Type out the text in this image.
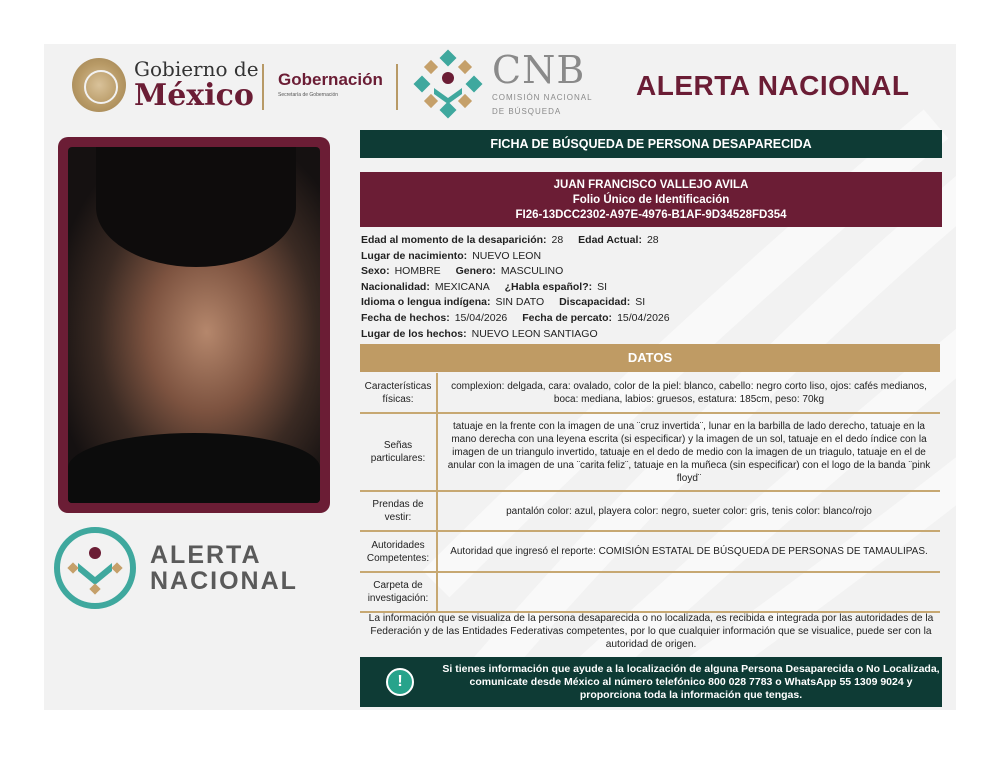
Gobierno de
México Gobernación
Secretaría de Gobernación
CNB
COMISIÓN NACIONAL
DE BÚSQUEDA
ALERTA NACIONAL
ALERTA
NACIONAL
FICHA DE BÚSQUEDA DE PERSONA DESAPARECIDA
JUAN FRANCISCO VALLEJO AVILA
Folio Único de Identificación
FI26-13DCC2302-A97E-4976-B1AF-9D34528FD354
Edad al momento de la desaparición: 28 Edad Actual: 28
Lugar de nacimiento: NUEVO LEON
Sexo: HOMBRE Genero: MASCULINO
Nacionalidad: MEXICANA ¿Habla español?: SI
Idioma o lengua indígena: SIN DATO Discapacidad: SI
Fecha de hechos: 15/04/2026 Fecha de percato: 15/04/2026
Lugar de los hechos: NUEVO LEON SANTIAGO
DATOS
Características físicas:
complexion: delgada, cara: ovalado, color de la piel: blanco, cabello: negro corto liso, ojos: cafés medianos, boca: mediana, labios: gruesos, estatura: 185cm, peso: 70kg
Señas particulares:
tatuaje en la frente con la imagen de una ¨cruz invertida¨, lunar en la barbilla de lado derecho, tatuaje en la mano derecha con una leyena escrita (si especificar) y la imagen de un sol, tatuaje en el dedo índice con la imagen de un triangulo invertido, tatuaje en el dedo de medio con la imagen de un triagulo, tatuaje en el de anular con la imagen de una ¨carita feliz¨, tatuaje en la muñeca (sin especificar) con el logo de la banda ¨pink floyd¨
Prendas de vestir:
pantalón color: azul, playera color: negro, sueter color: gris, tenis color: blanco/rojo
Autoridades Competentes:
Autoridad que ingresó el reporte: COMISIÓN ESTATAL DE BÚSQUEDA DE PERSONAS DE TAMAULIPAS.
Carpeta de investigación:
La información que se visualiza de la persona desaparecida o no localizada, es recibida e integrada por las autoridades de la Federación y de las Entidades Federativas competentes, por lo que cualquier información que se visualice, puede ser con la autoridad de origen.
!
Si tienes información que ayude a la localización de alguna Persona Desaparecida o No Localizada, comunicate desde México al número telefónico 800 028 7783 o WhatsApp 55 1309 9024 y proporciona toda la información que tengas.
